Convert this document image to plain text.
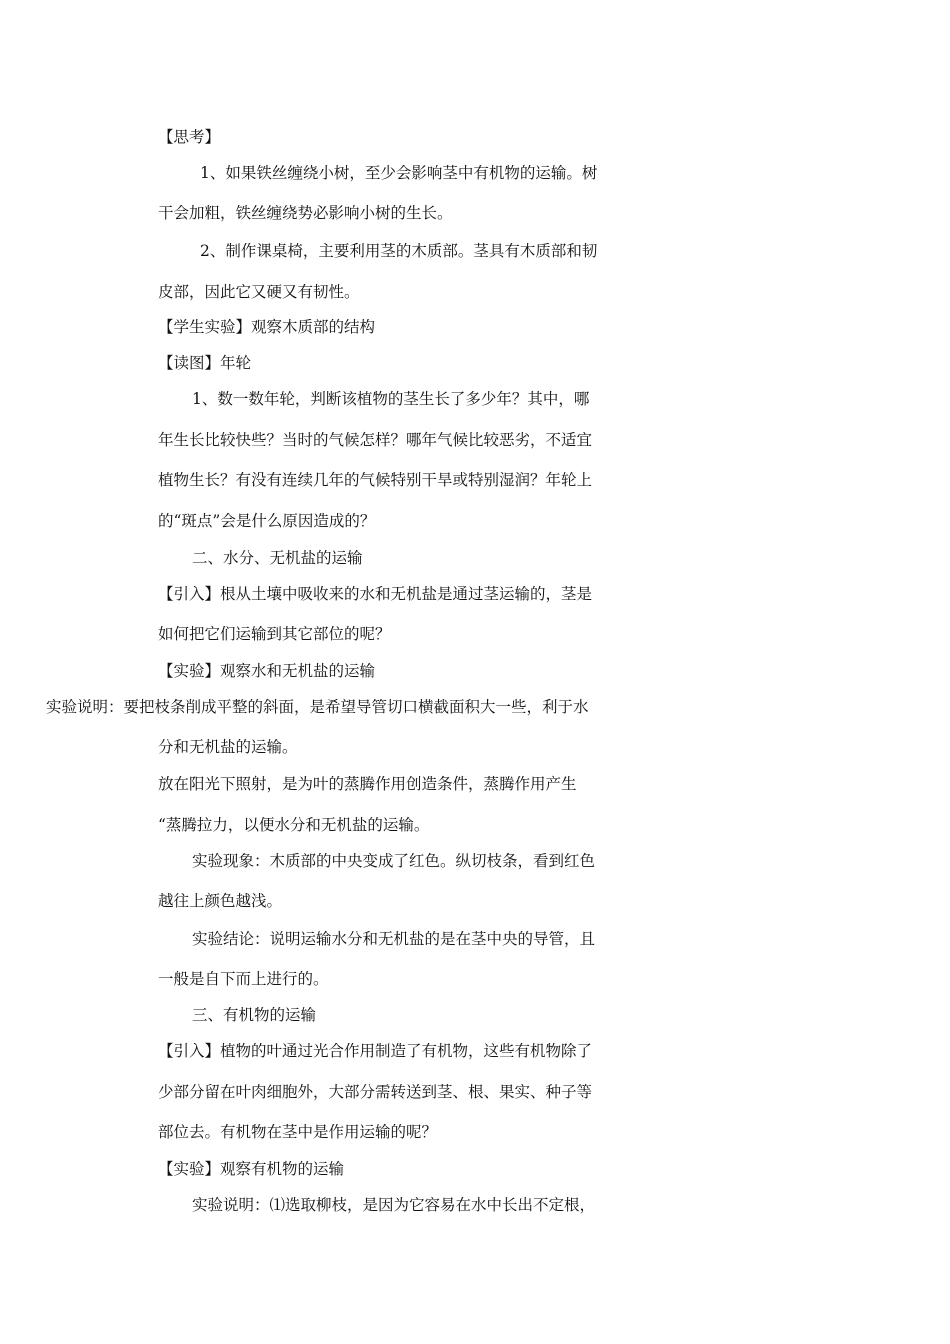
【思考】
1、如果铁丝缠绕小树，至少会影响茎中有机物的运输。树
干会加粗，铁丝缠绕势必影响小树的生长。
2、制作课桌椅，主要利用茎的木质部。茎具有木质部和韧
皮部，因此它又硬又有韧性。
【学生实验】观察木质部的结构
【读图】年轮
1、数一数年轮，判断该植物的茎生长了多少年？其中，哪
年生长比较快些？当时的气候怎样？哪年气候比较恶劣，不适宜
植物生长？有没有连续几年的气候特别干旱或特别湿润？年轮上
的“斑点”会是什么原因造成的？
二、水分、无机盐的运输
【引入】根从土壤中吸收来的水和无机盐是通过茎运输的，茎是
如何把它们运输到其它部位的呢？
【实验】观察水和无机盐的运输
实验说明：要把枝条削成平整的斜面，是希望导管切口横截面积大一些，利于水
分和无机盐的运输。
放在阳光下照射，是为叶的蒸腾作用创造条件，蒸腾作用产生
“蒸腾拉力，以便水分和无机盐的运输。
实验现象：木质部的中央变成了红色。纵切枝条，看到红色
越往上颜色越浅。
实验结论：说明运输水分和无机盐的是在茎中央的导管，且
一般是自下而上进行的。
三、有机物的运输
【引入】植物的叶通过光合作用制造了有机物，这些有机物除了
少部分留在叶肉细胞外，大部分需转送到茎、根、果实、种子等
部位去。有机物在茎中是作用运输的呢？
【实验】观察有机物的运输
实验说明：⑴选取柳枝，是因为它容易在水中长出不定根，
